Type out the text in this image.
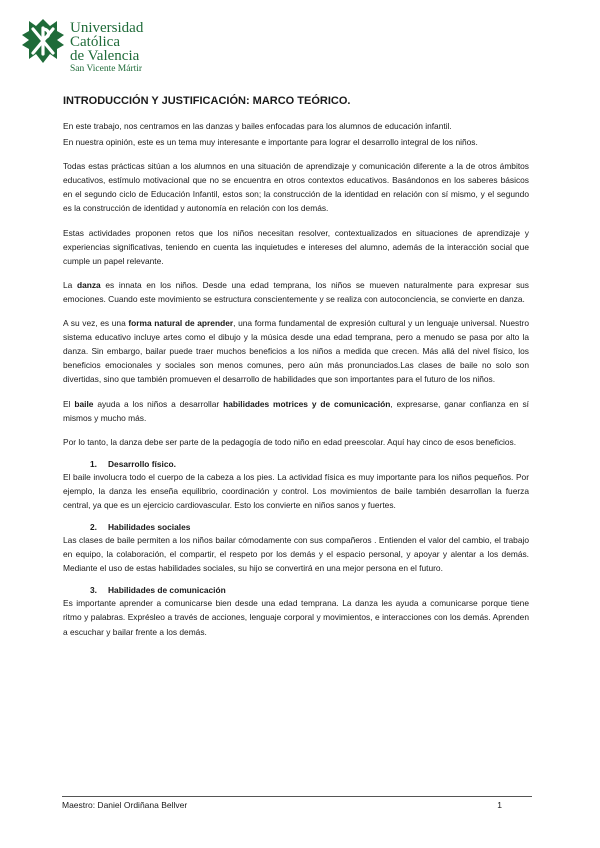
Universidad
Católica
de Valencia
San Vicente Mártir
INTRODUCCIÓN Y JUSTIFICACIÓN: MARCO TEÓRICO.

En este trabajo, nos centramos en las danzas y bailes enfocadas para los alumnos de educación infantil.

En nuestra opinión, este es un tema muy interesante e importante para lograr el desarrollo integral de los niños.

Todas estas prácticas sitúan a los alumnos en una situación de aprendizaje y comunicación diferente a la de otros ámbitos educativos, estímulo motivacional que no se encuentra en otros contextos educativos. Basándonos en los saberes básicos en el segundo ciclo de Educación Infantil, estos son; la construcción de la identidad en relación con sí mismo, y el segundo es la construcción de identidad y autonomía en relación con los demás.

Estas actividades proponen retos que los niños necesitan resolver, contextualizados en situaciones de aprendizaje y experiencias significativas, teniendo en cuenta las inquietudes e intereses del alumno, además de la interacción social que cumple un papel relevante.

La danza es innata en los niños. Desde una edad temprana, los niños se mueven naturalmente para expresar sus emociones. Cuando este movimiento se estructura conscientemente y se realiza con autoconciencia, se convierte en danza.

A su vez, es una forma natural de aprender, una forma fundamental de expresión cultural y un lenguaje universal. Nuestro sistema educativo incluye artes como el dibujo y la música desde una edad temprana, pero a menudo se pasa por alto la danza. Sin embargo, bailar puede traer muchos beneficios a los niños a medida que crecen. Más allá del nivel físico, los beneficios emocionales y sociales son menos comunes, pero aún más pronunciados.Las clases de baile no solo son divertidas, sino que también promueven el desarrollo de habilidades que son importantes para el futuro de los niños.

El baile ayuda a los niños a desarrollar habilidades motrices y de comunicación, expresarse, ganar confianza en sí mismos y mucho más.

Por lo tanto, la danza debe ser parte de la pedagogía de todo niño en edad preescolar. Aquí hay cinco de esos beneficios.

1. Desarrollo físico.

El baile involucra todo el cuerpo de la cabeza a los pies. La actividad física es muy importante para los niños pequeños. Por ejemplo, la danza les enseña equilibrio, coordinación y control. Los movimientos de baile también desarrollan la fuerza central, ya que es un ejercicio cardiovascular. Esto los convierte en niños sanos y fuertes.

2. Habilidades sociales

Las clases de baile permiten a los niños bailar cómodamente con sus compañeros . Entienden el valor del cambio, el trabajo en equipo, la colaboración, el compartir, el respeto por los demás y el espacio personal, y apoyar y alentar a los demás. Mediante el uso de estas habilidades sociales, su hijo se convertirá en una mejor persona en el futuro.

3. Habilidades de comunicación

Es importante aprender a comunicarse bien desde una edad temprana. La danza les ayuda a comunicarse porque tiene ritmo y palabras. Exprésleo a través de acciones, lenguaje corporal y movimientos, e interacciones con los demás. Aprenden a escuchar y bailar frente a los demás.

Maestro: Daniel Ordiñana Bellver	1
